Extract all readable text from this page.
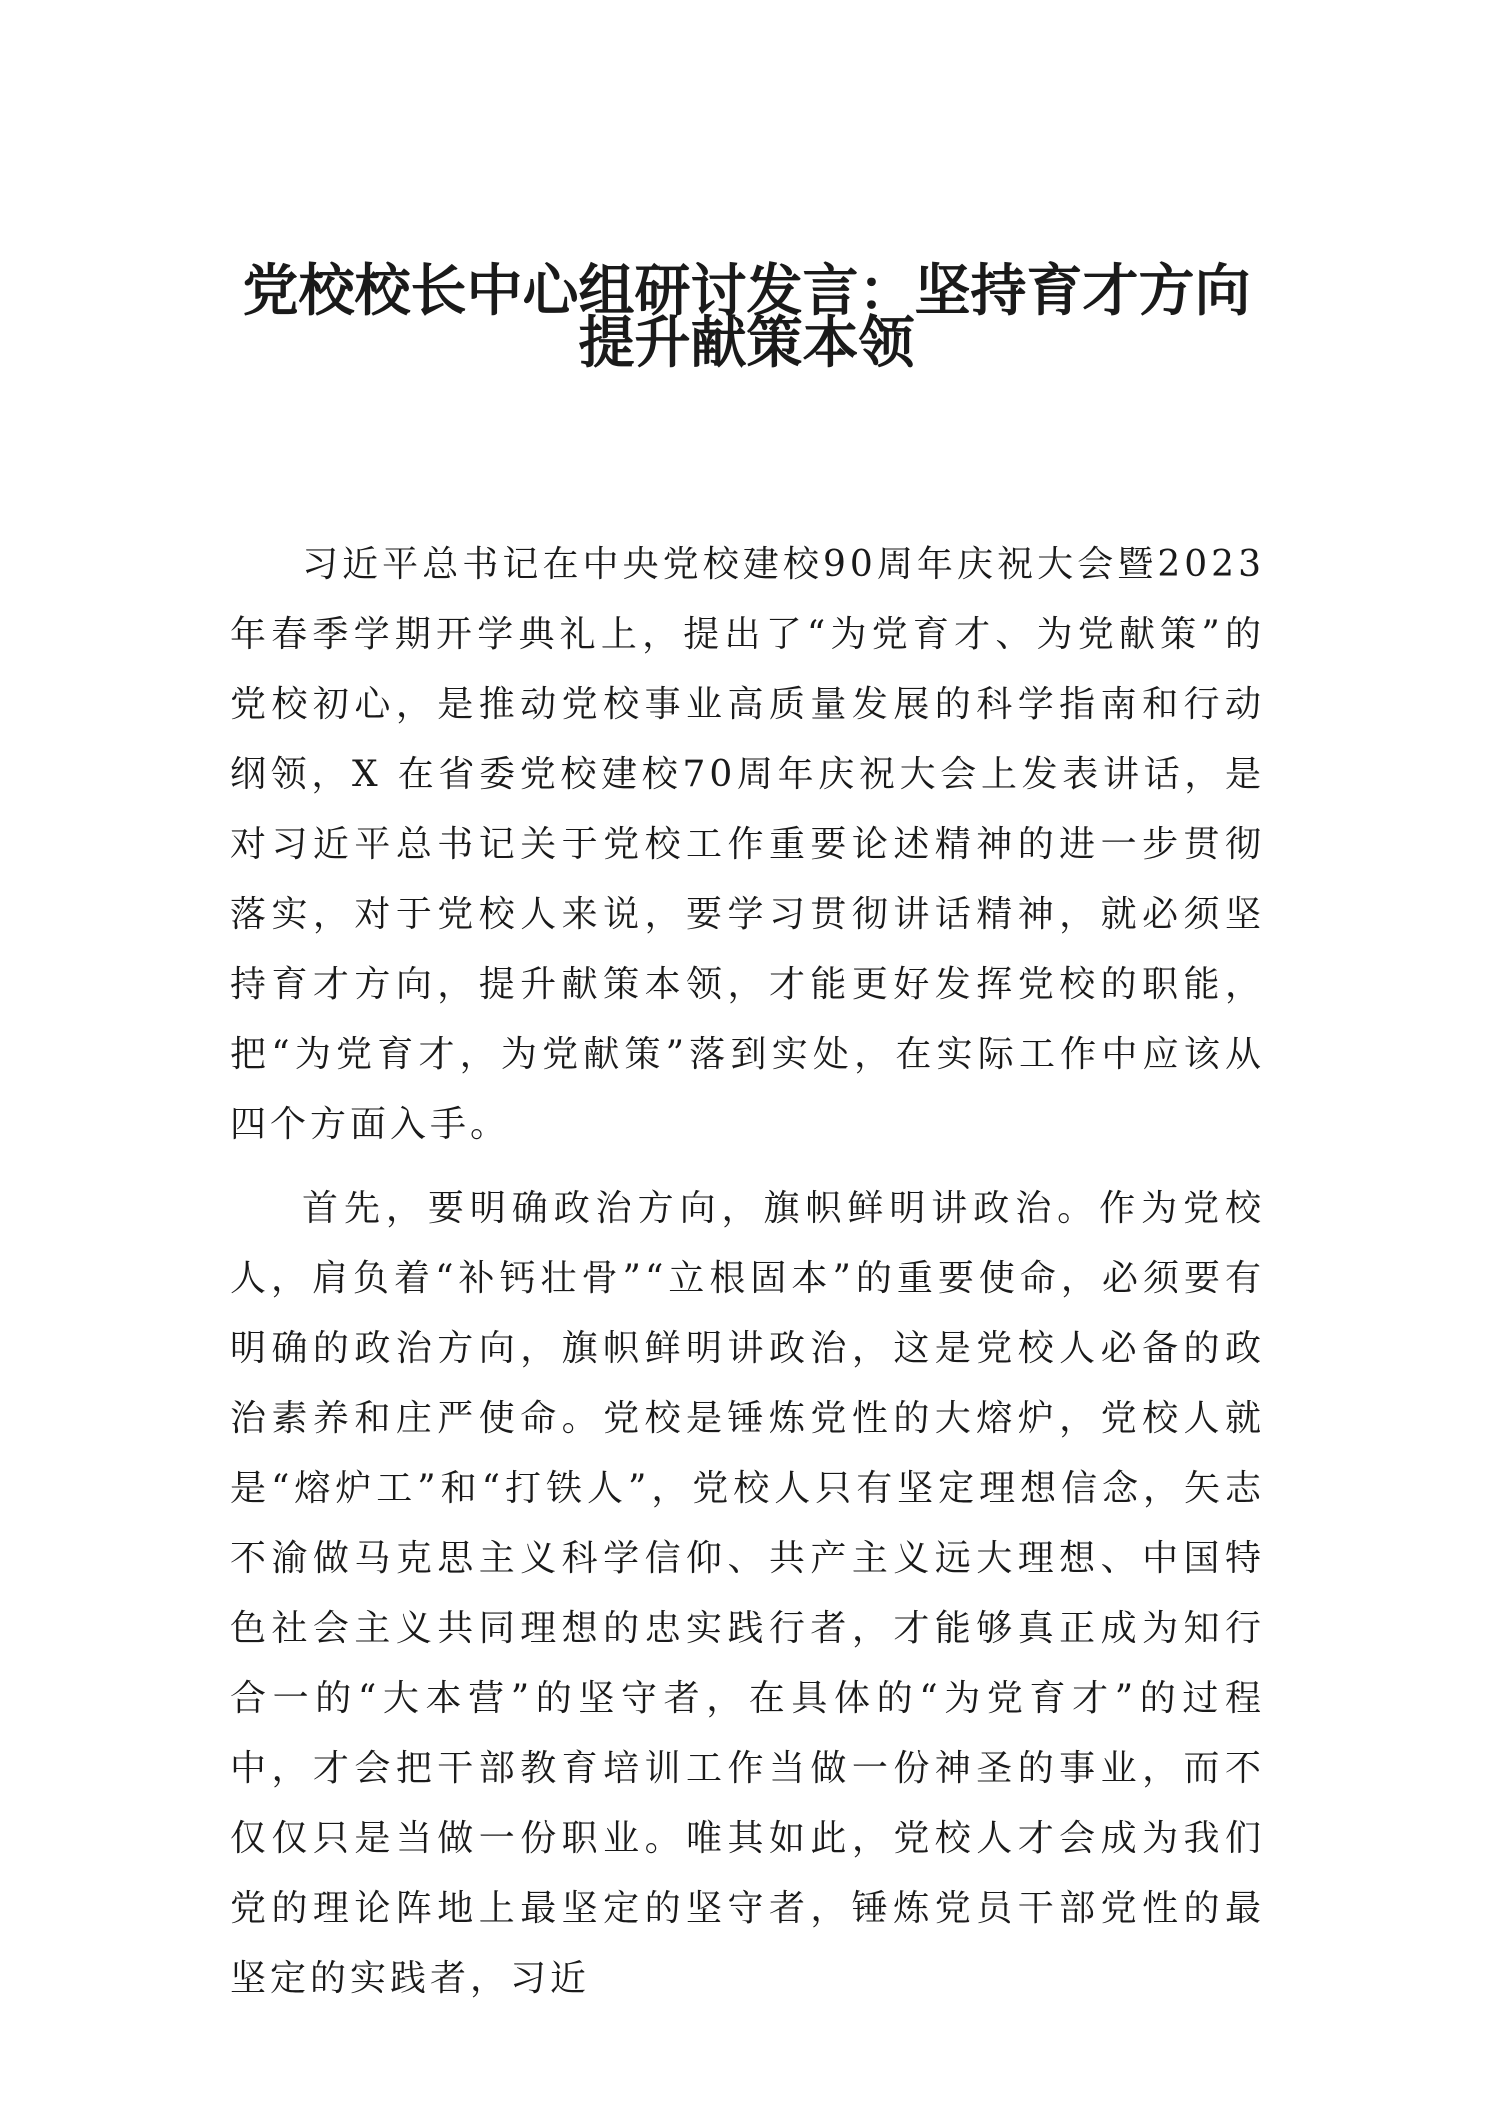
党校校长中心组研讨发言：坚持育才方向
提升献策本领

习近平总书记在中央党校建校90周年庆祝大会暨2023年春季学期开学典礼上，提出了“为党育才、为党献策”的党校初心，是推动党校事业高质量发展的科学指南和行动纲领，X 在省委党校建校70周年庆祝大会上发表讲话，是对习近平总书记关于党校工作重要论述精神的进一步贯彻落实，对于党校人来说，要学习贯彻讲话精神，就必须坚持育才方向，提升献策本领，才能更好发挥党校的职能，把“为党育才，为党献策”落到实处，在实际工作中应该从四个方面入手。

首先，要明确政治方向，旗帜鲜明讲政治。作为党校人，肩负着“补钙壮骨”“立根固本”的重要使命，必须要有明确的政治方向，旗帜鲜明讲政治，这是党校人必备的政治素养和庄严使命。党校是锤炼党性的大熔炉，党校人就是“熔炉工”和“打铁人”，党校人只有坚定理想信念，矢志不渝做马克思主义科学信仰、共产主义远大理想、中国特色社会主义共同理想的忠实践行者，才能够真正成为知行合一的“大本营”的坚守者，在具体的“为党育才”的过程中，才会把干部教育培训工作当做一份神圣的事业，而不仅仅只是当做一份职业。唯其如此，党校人才会成为我们党的理论阵地上最坚定的坚守者，锤炼党员干部党性的最坚定的实践者，习近
